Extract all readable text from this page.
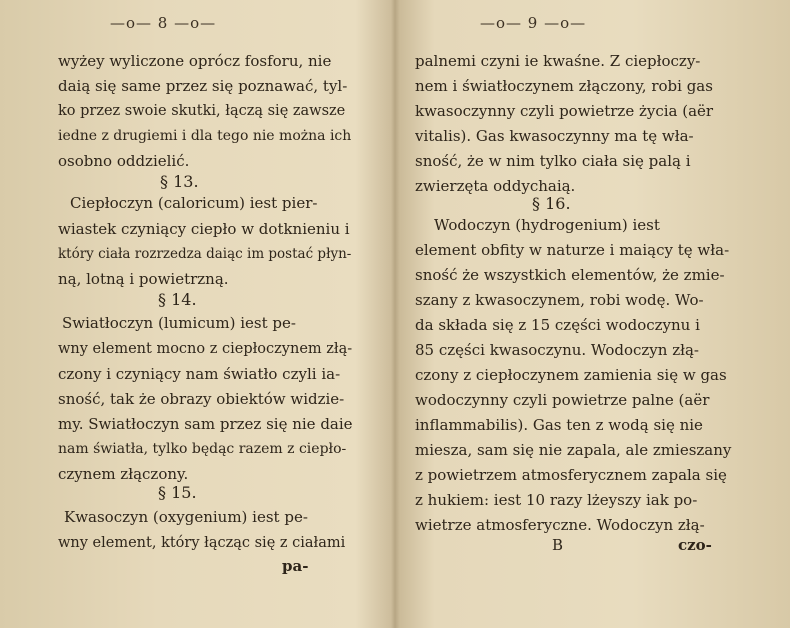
—o— 8 —o—
wyżey wyliczone oprócz fosforu, nie
daią się same przez się poznawać, tyl-
ko przez swoie skutki, łączą się zawsze
iedne z drugiemi i dla tego nie można ich
osobno oddzielić.
§ 13.
Ciepłoczyn (caloricum) iest pier-
wiastek czyniący ciepło w dotknieniu i
który ciała rozrzedza daiąc im postać płyn-
ną, lotną i powietrzną.
§ 14.
Swiatłoczyn (lumicum) iest pe-
wny element mocno z ciepłoczynem złą-
czony i czyniący nam światło czyli ia-
sność, tak że obrazy obiektów widzie-
my. Swiatłoczyn sam przez się nie daie
nam światła, tylko będąc razem z ciepło-
czynem złączony.
§ 15.
Kwasoczyn (oxygenium) iest pe-
wny element, który łącząc się z ciałami
pa-
—o— 9 —o—
palnemi czyni ie kwaśne. Z ciepłoczy-
nem i światłoczynem złączony, robi gas
kwasoczynny czyli powietrze życia (aër
vitalis). Gas kwasoczynny ma tę wła-
sność, że w nim tylko ciała się palą i
zwierzęta oddychaią.
§ 16.
Wodoczyn (hydrogenium) iest
element obfity w naturze i maiący tę wła-
sność że wszystkich elementów, że zmie-
szany z kwasoczynem, robi wodę. Wo-
da składa się z 15 części wodoczynu i
85 części kwasoczynu. Wodoczyn złą-
czony z ciepłoczynem zamienia się w gas
wodoczynny czyli powietrze palne (aër
inflammabilis). Gas ten z wodą się nie
miesza, sam się nie zapala, ale zmieszany
z powietrzem atmosferycznem zapala się
z hukiem: iest 10 razy lżeyszy iak po-
wietrze atmosferyczne. Wodoczyn złą-
B	czo-
